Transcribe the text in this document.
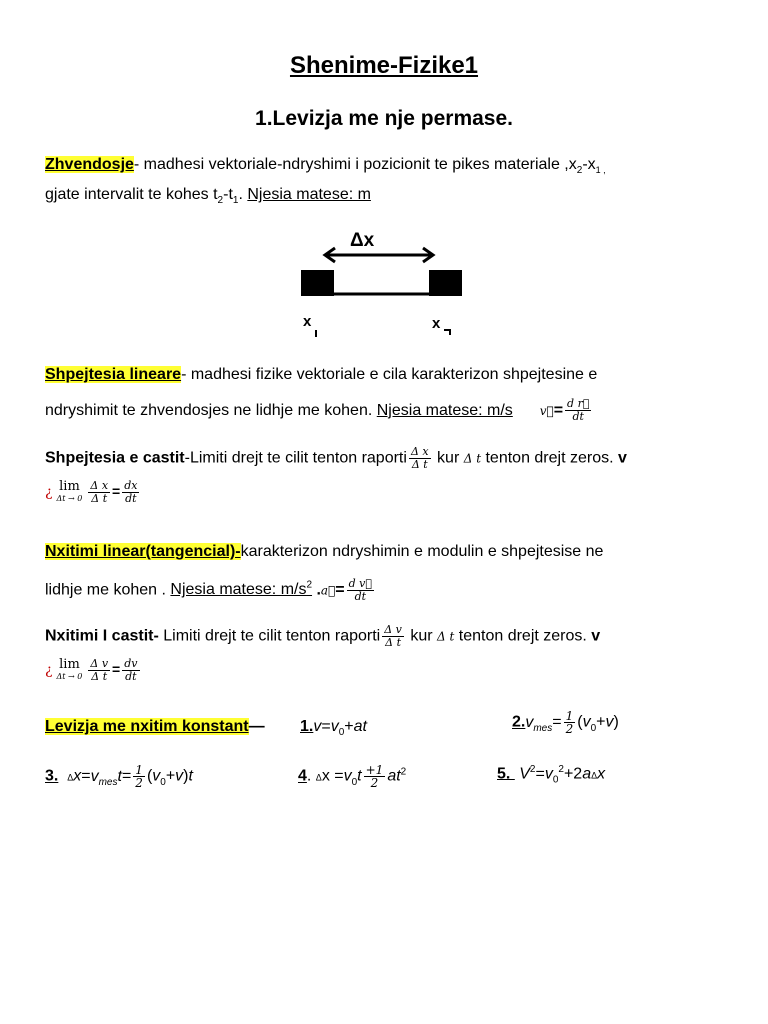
Shenime-Fizike1
1.Levizja me nje permase.
Zhvendosje- madhesi vektoriale-ndryshimi i pozicionit te pikes materiale $,x_2-x_{1 ,}$
gjate intervalit te kohes $t_2-t_1$. Njesia matese: m
Δx
x	x
Shpejtesia lineare- madhesi fizike vektoriale e cila karakterizon shpejtesine e
ndryshimit te zhvendosjes ne lidhje me kohen. Njesia matese: m/s v⃗= $\frac{\text{d r⃗}}{dt}$
Shpejtesia e castit-Limiti drejt te cilit tenton raporti $\frac{\text{Δ x}}{\text{Δ t}}$ kur Δ t tenton drejt zeros. v
¿ lim
$\Delta t \to 0 \frac{\text{Δ x}}{\text{Δ t}} = \frac{dx}{dt}$
Nxitimi linear(tangencial)-karakterizon ndryshimin e modulin e shpejtesise ne
lidhje me kohen . Njesia matese: $m/s^2$ .a⃗= $\frac{\text{d v⃗}}{dt}$
Nxitimi I castit- Limiti drejt te cilit tenton raporti $\frac{\text{Δ v}}{\text{Δ t}}$ kur Δ t tenton drejt zeros. v
¿ lim
$\Delta t \to 0 \frac{\text{Δ v}}{\text{Δ t}} = \frac{dv}{dt}$
Levizja me nxitim konstant— $1.v=v_0+at$	$2.v_{mes}= \frac{1}{2} (v_0+v)$
3. $\Delta x=v_{mes}t= \frac{1}{2} (v_0+v)t$	4. $\Delta x =v_0t \frac{+1}{2} at^2$	5.  $V^2=v_0^2+2a\Delta x$
